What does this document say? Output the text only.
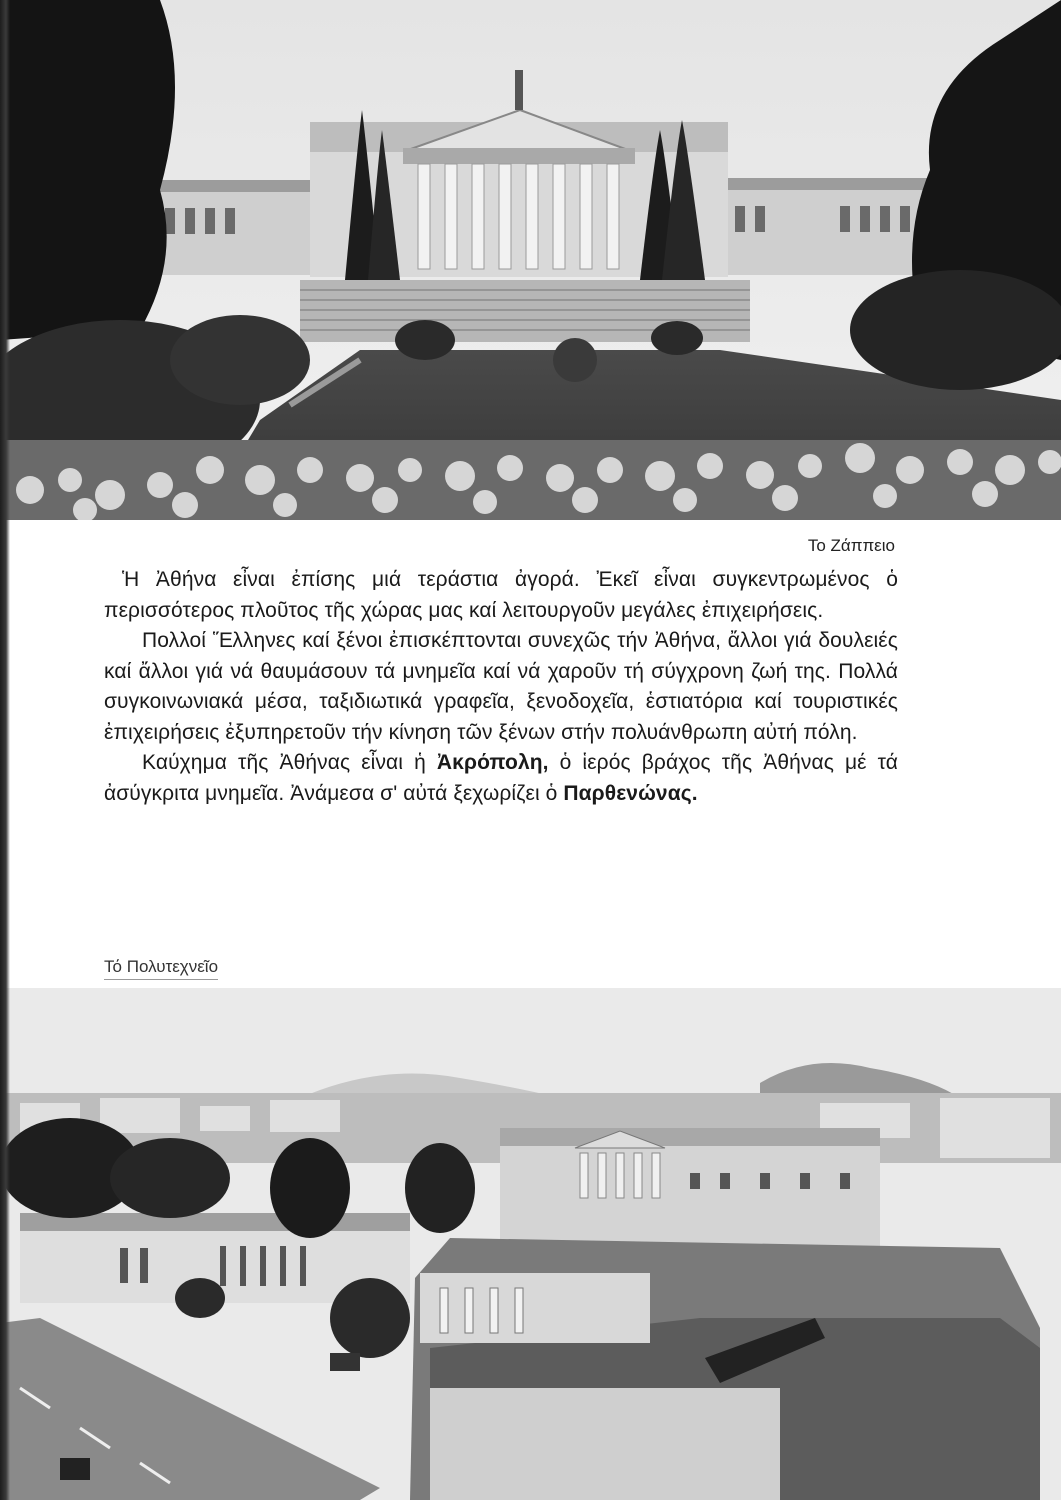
Το Ζάππειο

Ἡ Ἀθήνα εἶναι ἐπίσης μιά τεράστια ἀγορά. Ἐκεῖ εἶναι συγκεντρωμένος ὁ περισσότερος πλοῦτος τῆς χώρας μας καί λειτουργοῦν μεγάλες ἐπιχειρήσεις.

Πολλοί Ἕλληνες καί ξένοι ἐπισκέπτονται συνεχῶς τήν Ἀθήνα, ἄλλοι γιά δουλειές καί ἄλλοι γιά νά θαυμάσουν τά μνημεῖα καί νά χαροῦν τή σύγχρονη ζωή της. Πολλά συγκοινωνιακά μέσα, ταξιδιωτικά γραφεῖα, ξενοδοχεῖα, ἑστιατόρια καί τουριστικές ἐπιχειρήσεις ἐξυπηρετοῦν τήν κίνηση τῶν ξένων στήν πολυάνθρωπη αὐτή πόλη.

Καύχημα τῆς Ἀθήνας εἶναι ἡ Ἀκρόπολη, ὁ ἱερός βράχος τῆς Ἀθήνας μέ τά ἀσύγκριτα μνημεῖα. Ἀνάμεσα σ' αὐτά ξεχωρίζει ὁ Παρθενώνας.

Τό Πολυτεχνεῖο
